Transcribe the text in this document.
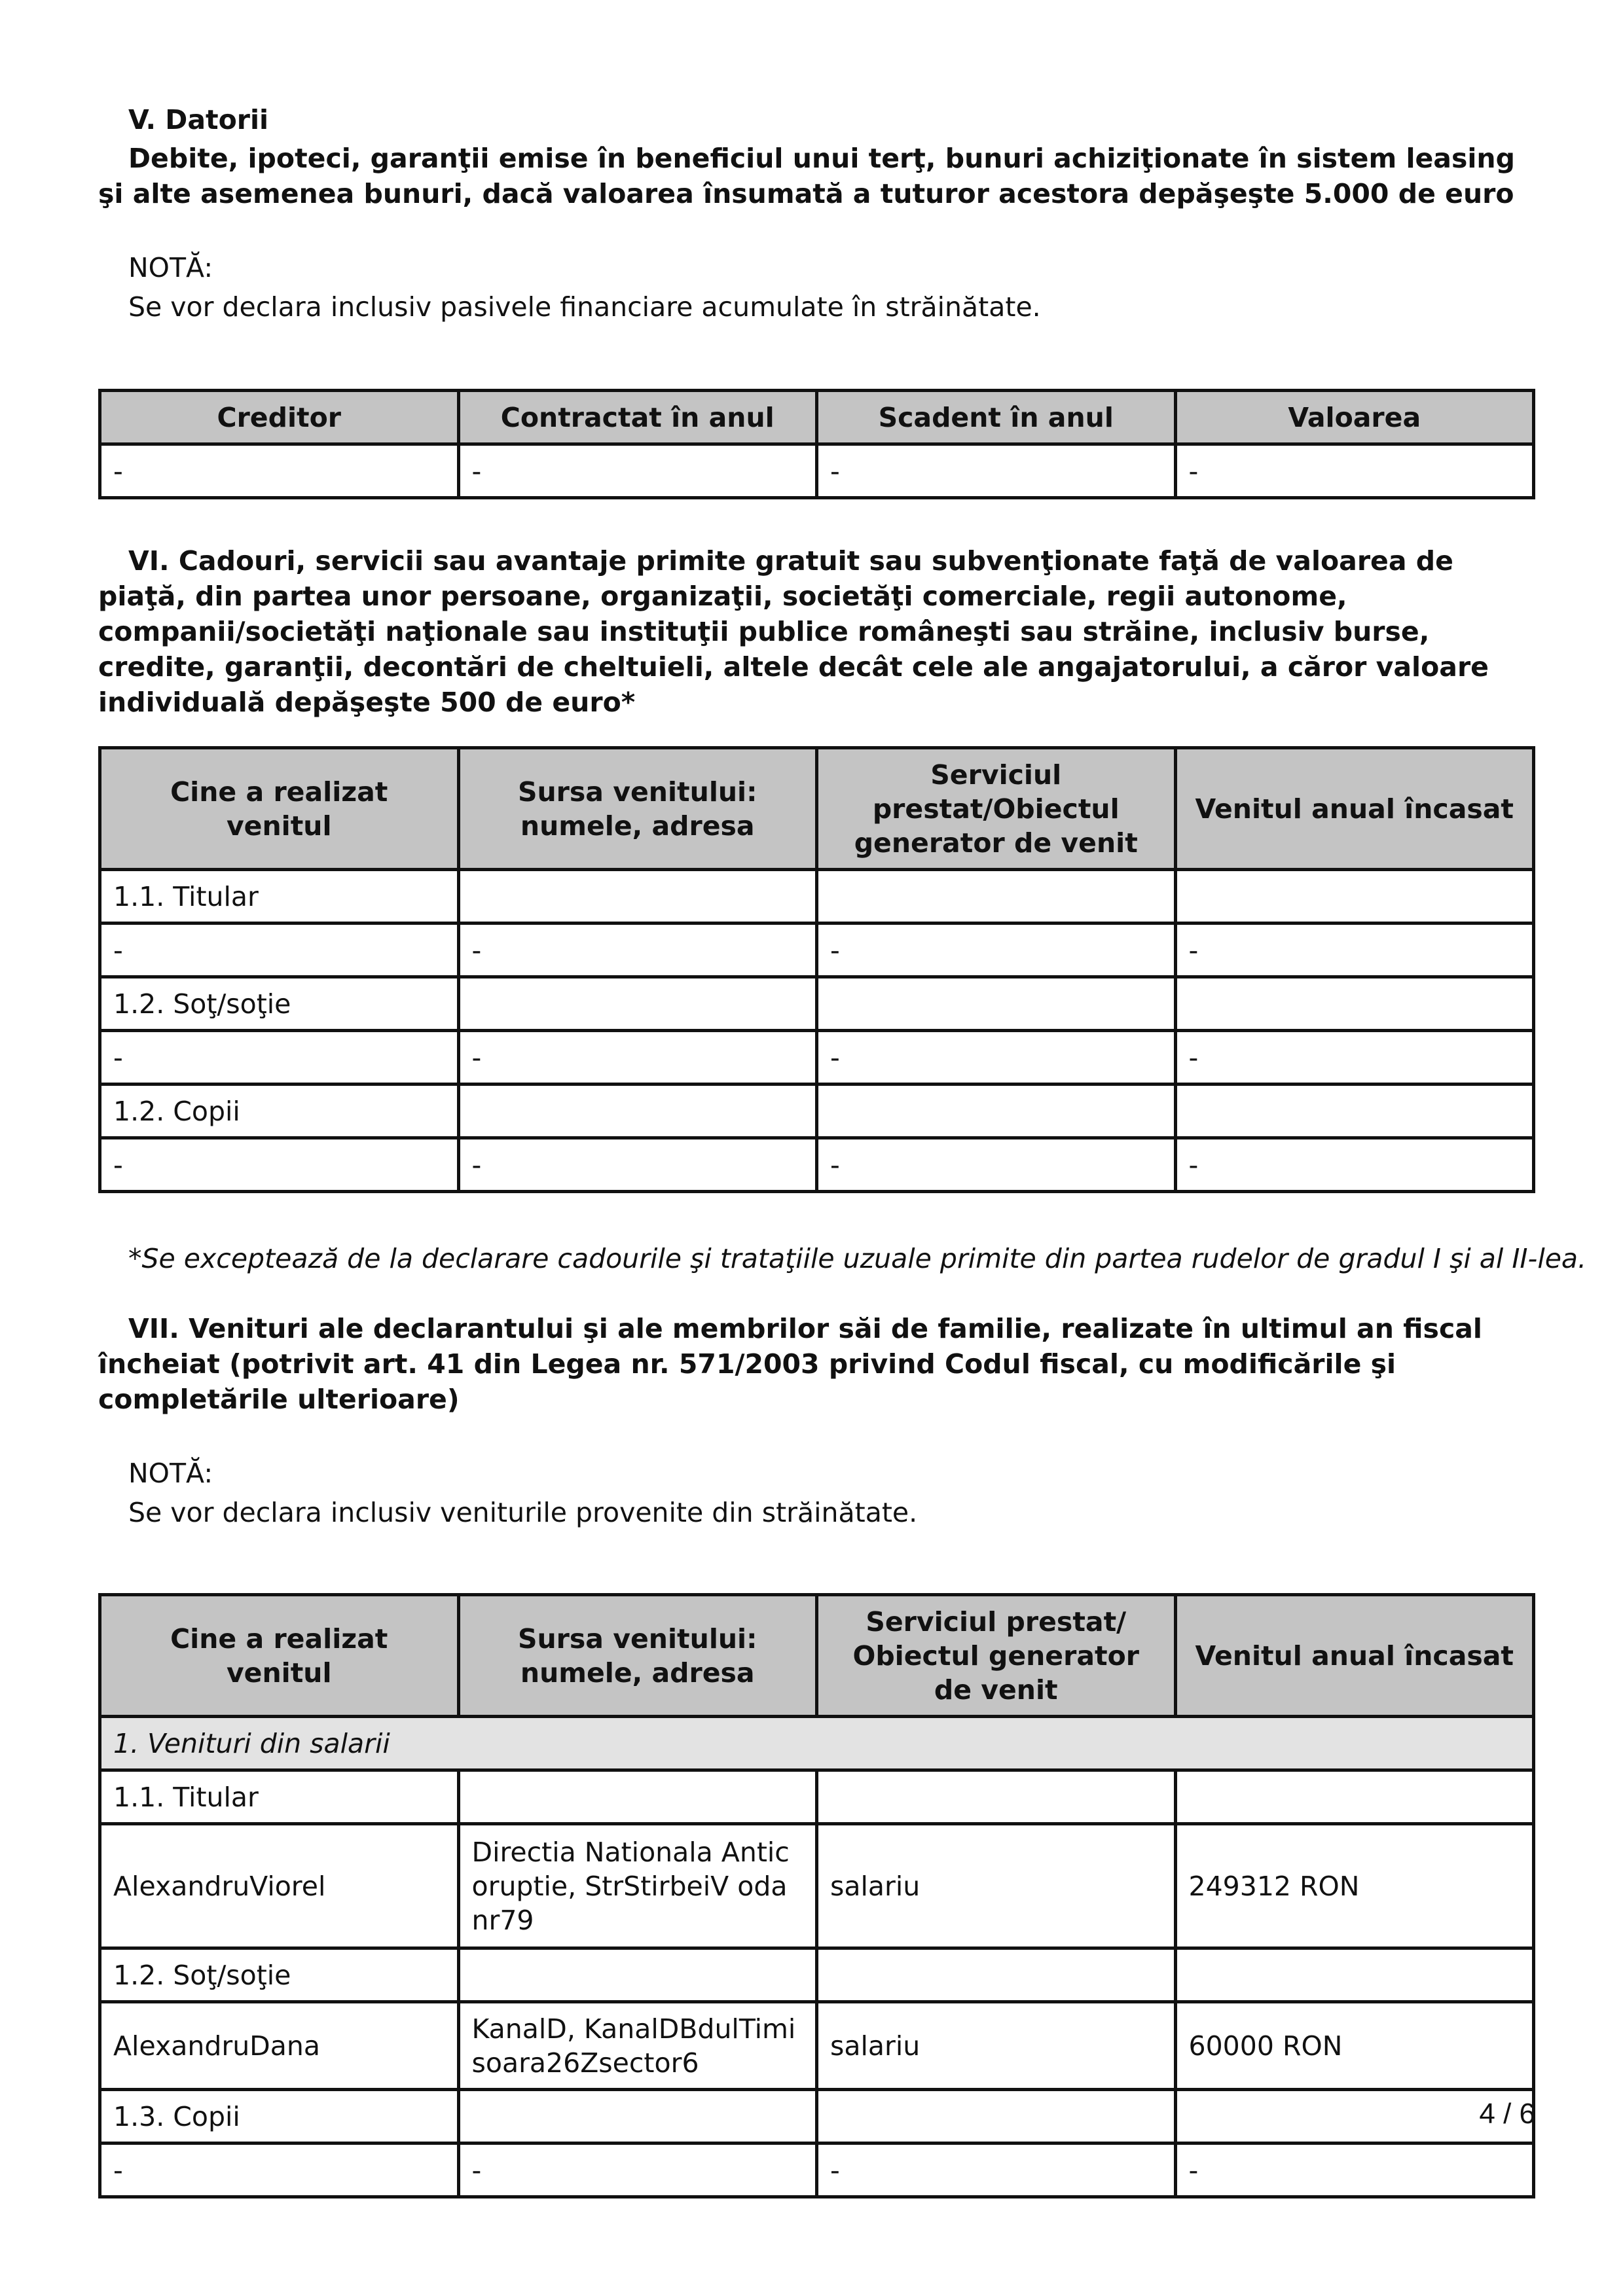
V. Datorii
Debite, ipoteci, garanţii emise în beneficiul unui terţ, bunuri achiziţionate în sistem leasing şi alte asemenea bunuri, dacă valoarea însumată a tuturor acestora depăşeşte 5.000 de euro
NOTĂ:
Se vor declara inclusiv pasivele financiare acumulate în străinătate.
Creditor	Contractat în anul	Scadent în anul	Valoarea
-	-	-	-
VI. Cadouri, servicii sau avantaje primite gratuit sau subvenţionate faţă de valoarea de piaţă, din partea unor persoane, organizaţii, societăţi comerciale, regii autonome, companii/societăţi naţionale sau instituţii publice româneşti sau străine, inclusiv burse, credite, garanţii, decontări de cheltuieli, altele decât cele ale angajatorului, a căror valoare individuală depăşeşte 500 de euro*
Cine a realizat venitul	Sursa venitului: numele, adresa	Serviciul prestat/Obiectul generator de venit	Venitul anual încasat
1.1. Titular			
-	-	-	-
1.2. Soţ/soţie			
-	-	-	-
1.2. Copii			
-	-	-	-
*Se exceptează de la declarare cadourile şi trataţiile uzuale primite din partea rudelor de gradul I şi al II-lea.
VII. Venituri ale declarantului şi ale membrilor săi de familie, realizate în ultimul an fiscal încheiat (potrivit art. 41 din Legea nr. 571/2003 privind Codul fiscal, cu modificările şi completările ulterioare)
NOTĂ:
Se vor declara inclusiv veniturile provenite din străinătate.
Cine a realizat venitul	Sursa venitului: numele, adresa	Serviciul prestat/ Obiectul generator de venit	Venitul anual încasat
1. Venituri din salarii			
1.1. Titular			
AlexandruViorel	Directia Nationala Anticoruptie, StrStirbeiV odanr79	salariu	249312 RON
1.2. Soţ/soţie			
AlexandruDana	KanalD, KanalDBdulTimi soara26Zsector6	salariu	60000 RON
1.3. Copii			
-	-	-	-
4 / 6
